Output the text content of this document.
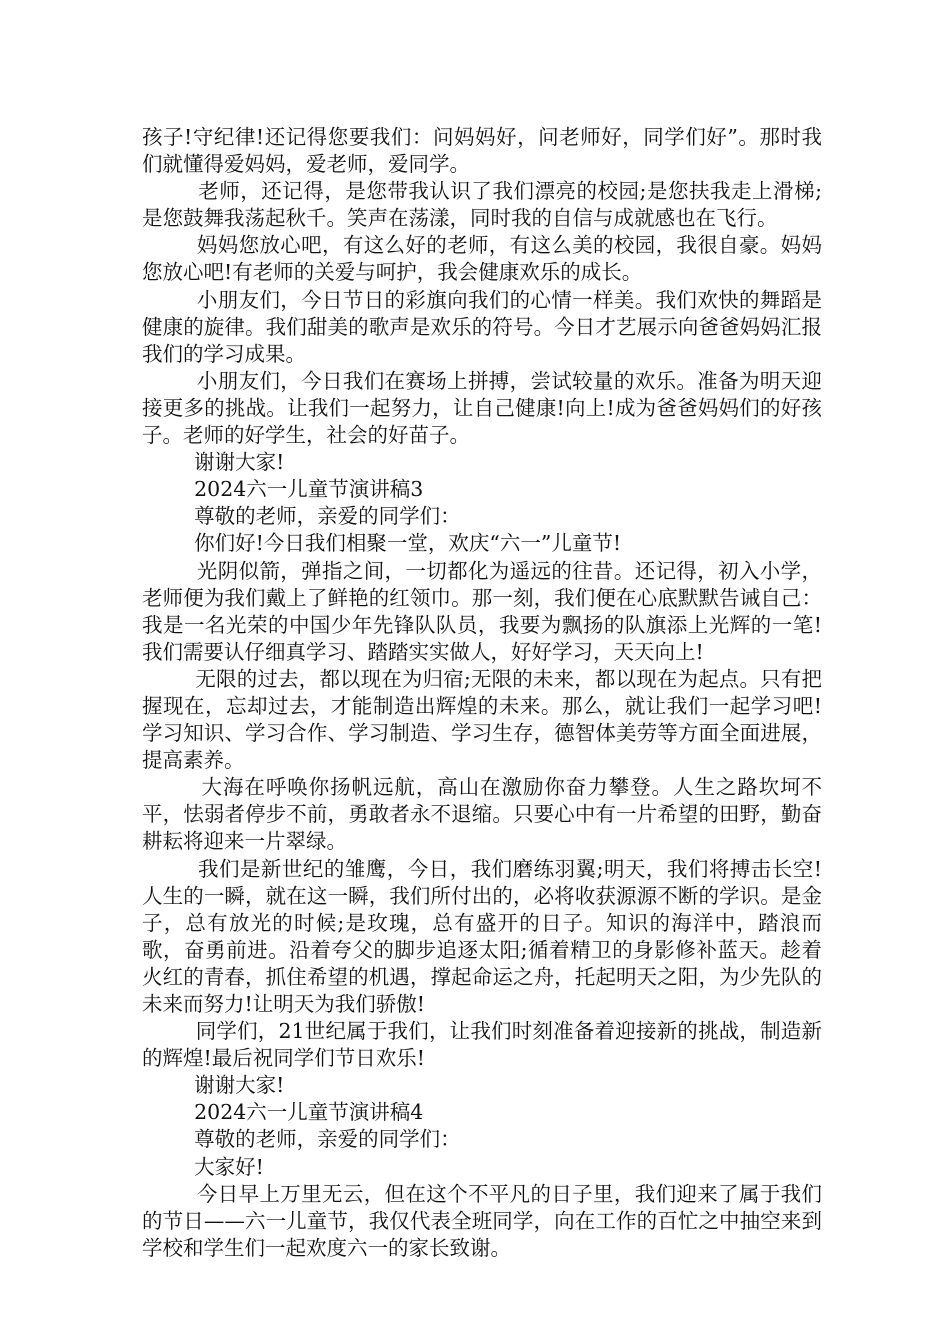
孩子!守纪律!还记得您要我们：问妈妈好，问老师好，同学们好”。那时我们就懂得爱妈妈，爱老师，爱同学。

老师，还记得，是您带我认识了我们漂亮的校园;是您扶我走上滑梯;是您鼓舞我荡起秋千。笑声在荡漾，同时我的自信与成就感也在飞行。

妈妈您放心吧，有这么好的老师，有这么美的校园，我很自豪。妈妈您放心吧!有老师的关爱与呵护，我会健康欢乐的成长。

小朋友们，今日节日的彩旗向我们的心情一样美。我们欢快的舞蹈是健康的旋律。我们甜美的歌声是欢乐的符号。今日才艺展示向爸爸妈妈汇报我们的学习成果。

小朋友们，今日我们在赛场上拼搏，尝试较量的欢乐。准备为明天迎接更多的挑战。让我们一起努力，让自己健康!向上!成为爸爸妈妈们的好孩子。老师的好学生，社会的好苗子。

谢谢大家!

2024六一儿童节演讲稿3

尊敬的老师，亲爱的同学们：

你们好!今日我们相聚一堂，欢庆“六一”儿童节!

光阴似箭，弹指之间，一切都化为遥远的往昔。还记得，初入小学，老师便为我们戴上了鲜艳的红领巾。那一刻，我们便在心底默默告诫自己：我是一名光荣的中国少年先锋队队员，我要为飘扬的队旗添上光辉的一笔!我们需要认仔细真学习、踏踏实实做人，好好学习，天天向上!

无限的过去，都以现在为归宿;无限的未来，都以现在为起点。只有把握现在，忘却过去，才能制造出辉煌的未来。那么，就让我们一起学习吧!学习知识、学习合作、学习制造、学习生存，德智体美劳等方面全面进展，提高素养。

大海在呼唤你扬帆远航，高山在激励你奋力攀登。人生之路坎坷不平，怯弱者停步不前，勇敢者永不退缩。只要心中有一片希望的田野，勤奋耕耘将迎来一片翠绿。

我们是新世纪的雏鹰，今日，我们磨练羽翼;明天，我们将搏击长空!人生的一瞬，就在这一瞬，我们所付出的，必将收获源源不断的学识。是金子，总有放光的时候;是玫瑰，总有盛开的日子。知识的海洋中，踏浪而歌，奋勇前进。沿着夸父的脚步追逐太阳;循着精卫的身影修补蓝天。趁着火红的青春，抓住希望的机遇，撑起命运之舟，托起明天之阳，为少先队的未来而努力!让明天为我们骄傲!

同学们，21世纪属于我们，让我们时刻准备着迎接新的挑战，制造新的辉煌!最后祝同学们节日欢乐!

谢谢大家!

2024六一儿童节演讲稿4

尊敬的老师，亲爱的同学们：

大家好!

今日早上万里无云，但在这个不平凡的日子里，我们迎来了属于我们的节日——六一儿童节，我仅代表全班同学，向在工作的百忙之中抽空来到学校和学生们一起欢度六一的家长致谢。
